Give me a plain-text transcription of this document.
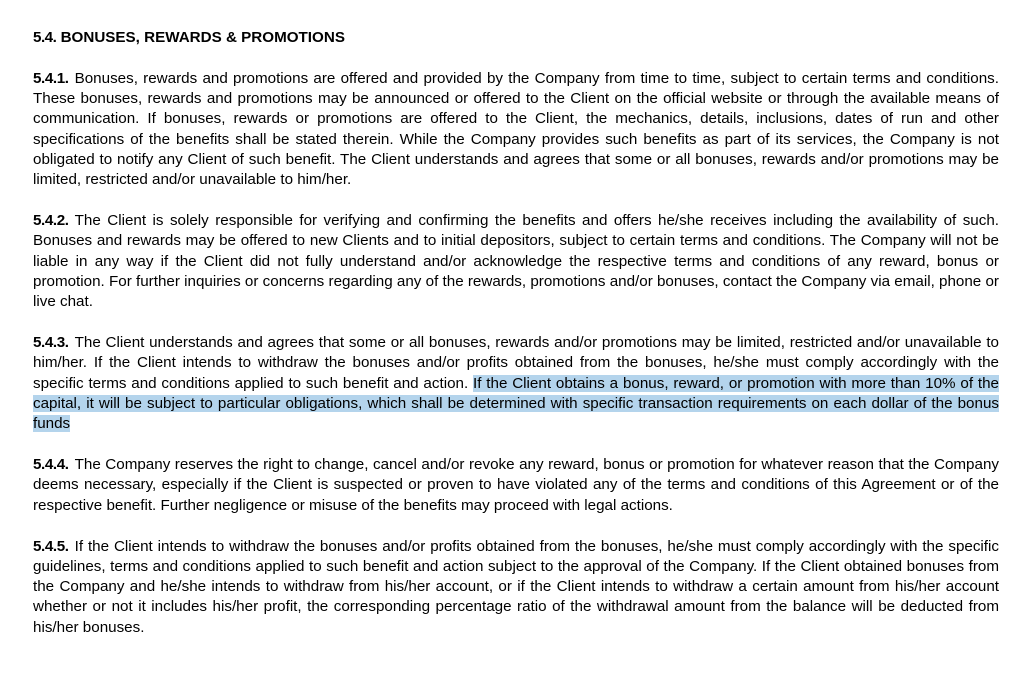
5.4. BONUSES, REWARDS & PROMOTIONS

5.4.1. Bonuses, rewards and promotions are offered and provided by the Company from time to time, subject to certain terms and conditions. These bonuses, rewards and promotions may be announced or offered to the Client on the official website or through the available means of communication. If bonuses, rewards or promotions are offered to the Client, the mechanics, details, inclusions, dates of run and other specifications of the benefits shall be stated therein. While the Company provides such benefits as part of its services, the Company is not obligated to notify any Client of such benefit. The Client understands and agrees that some or all bonuses, rewards and/or promotions may be limited, restricted and/or unavailable to him/her.

5.4.2. The Client is solely responsible for verifying and confirming the benefits and offers he/she receives including the availability of such. Bonuses and rewards may be offered to new Clients and to initial depositors, subject to certain terms and conditions. The Company will not be liable in any way if the Client did not fully understand and/or acknowledge the respective terms and conditions of any reward, bonus or promotion. For further inquiries or concerns regarding any of the rewards, promotions and/or bonuses, contact the Company via email, phone or live chat.

5.4.3. The Client understands and agrees that some or all bonuses, rewards and/or promotions may be limited, restricted and/or unavailable to him/her. If the Client intends to withdraw the bonuses and/or profits obtained from the bonuses, he/she must comply accordingly with the specific terms and conditions applied to such benefit and action. If the Client obtains a bonus, reward, or promotion with more than 10% of the capital, it will be subject to particular obligations, which shall be determined with specific transaction requirements on each dollar of the bonus funds

5.4.4. The Company reserves the right to change, cancel and/or revoke any reward, bonus or promotion for whatever reason that the Company deems necessary, especially if the Client is suspected or proven to have violated any of the terms and conditions of this Agreement or of the respective benefit. Further negligence or misuse of the benefits may proceed with legal actions.

5.4.5. If the Client intends to withdraw the bonuses and/or profits obtained from the bonuses, he/she must comply accordingly with the specific guidelines, terms and conditions applied to such benefit and action subject to the approval of the Company. If the Client obtained bonuses from the Company and he/she intends to withdraw from his/her account, or if the Client intends to withdraw a certain amount from his/her account whether or not it includes his/her profit, the corresponding percentage ratio of the withdrawal amount from the balance will be deducted from his/her bonuses.
